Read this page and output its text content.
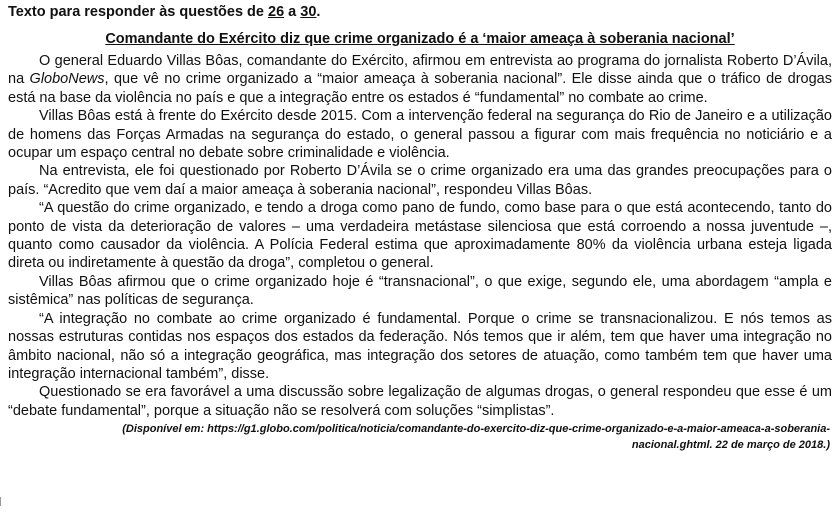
Texto para responder às questões de 26 a 30.
Comandante do Exército diz que crime organizado é a ‘maior ameaça à soberania nacional’

O general Eduardo Villas Bôas, comandante do Exército, afirmou em entrevista ao programa do jornalista Roberto D’Ávila, na GloboNews, que vê no crime organizado a “maior ameaça à soberania nacional”. Ele disse ainda que o tráfico de drogas está na base da violência no país e que a integração entre os estados é “fundamental” no combate ao crime.

Villas Bôas está à frente do Exército desde 2015. Com a intervenção federal na segurança do Rio de Janeiro e a utilização de homens das Forças Armadas na segurança do estado, o general passou a figurar com mais frequência no noticiário e a ocupar um espaço central no debate sobre criminalidade e violência.

Na entrevista, ele foi questionado por Roberto D’Ávila se o crime organizado era uma das grandes preocupações para o país. “Acredito que vem daí a maior ameaça à soberania nacional”, respondeu Villas Bôas.

“A questão do crime organizado, e tendo a droga como pano de fundo, como base para o que está acontecendo, tanto do ponto de vista da deterioração de valores – uma verdadeira metástase silenciosa que está corroendo a nossa juventude –, quanto como causador da violência. A Polícia Federal estima que aproximadamente 80% da violência urbana esteja ligada direta ou indiretamente à questão da droga”, completou o general.

Villas Bôas afirmou que o crime organizado hoje é “transnacional”, o que exige, segundo ele, uma abordagem “ampla e sistêmica” nas políticas de segurança.

“A integração no combate ao crime organizado é fundamental. Porque o crime se transnacionalizou. E nós temos as nossas estruturas contidas nos espaços dos estados da federação. Nós temos que ir além, tem que haver uma integração no âmbito nacional, não só a integração geográfica, mas integração dos setores de atuação, como também tem que haver uma integração internacional também”, disse.

Questionado se era favorável a uma discussão sobre legalização de algumas drogas, o general respondeu que esse é um “debate fundamental”, porque a situação não se resolverá com soluções “simplistas”.

(Disponível em: https://g1.globo.com/politica/noticia/comandante-do-exercito-diz-que-crime-organizado-e-a-maior-ameaca-a-soberania-
nacional.ghtml. 22 de março de 2018.)
